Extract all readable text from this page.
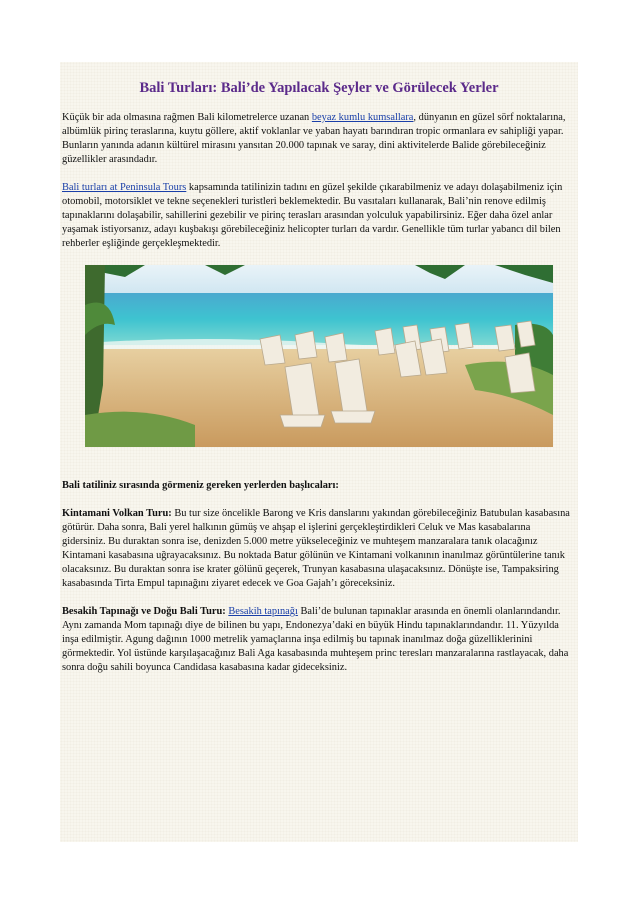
Bali Turları: Bali’de Yapılacak Şeyler ve Görülecek Yerler

Küçük bir ada olmasına rağmen Bali kilometrelerce uzanan beyaz kumlu kumsallara, dünyanın en güzel sörf noktalarına, albümlük pirinç teraslarına, kuytu göllere, aktif voklanlar ve yaban hayatı barındıran tropic ormanlara ev sahipliği yapar. Bunların yanında adanın kültürel mirasını yansıtan 20.000 tapınak ve saray, dini aktivitelerde Balide görebileceğiniz güzellikler arasındadır.

Bali turları at Peninsula Tours kapsamında tatilinizin tadını en güzel şekilde çıkarabilmeniz ve adayı dolaşabilmeniz için otomobil, motorsiklet ve tekne seçenekleri turistleri beklemektedir. Bu vasıtaları kullanarak, Bali’nin renove edilmiş tapınaklarını dolaşabilir, sahillerini gezebilir ve pirinç terasları arasından yolculuk yapabilirsiniz. Eğer daha özel anlar yaşamak istiyorsanız, adayı kuşbakışı görebileceğiniz helicopter turları da vardır. Genellikle tüm turlar yabancı dil bilen rehberler eşliğinde gerçekleşmektedir.

Bali tatiliniz sırasında görmeniz gereken yerlerden başlıcaları:

Kintamani Volkan Turu: Bu tur size öncelikle Barong ve Kris danslarını yakından görebileceğiniz Batubulan kasabasına götürür. Daha sonra, Bali yerel halkının gümüş ve ahşap el işlerini gerçekleştirdikleri Celuk ve Mas kasabalarına gidersiniz. Bu duraktan sonra ise, denizden 5.000 metre yükseleceğiniz ve muhteşem manzaralara tanık olacağınız Kintamani kasabasına uğrayacaksınız. Bu noktada Batur gölünün ve Kintamani volkanının inanılmaz görüntülerine tanık olacaksınız. Bu duraktan sonra ise krater gölünü geçerek, Trunyan kasabasına ulaşacaksınız. Dönüşte ise, Tampaksiring kasabasında Tirta Empul tapınağını ziyaret edecek ve Goa Gajah’ı göreceksiniz.

Besakih Tapınağı ve Doğu Bali Turu: Besakih tapınağı Bali’de bulunan tapınaklar arasında en önemli olanlarındandır. Aynı zamanda Mom tapınağı diye de bilinen bu yapı, Endonezya’daki en büyük Hindu tapınaklarındandır. 11. Yüzyılda inşa edilmiştir. Agung dağının 1000 metrelik yamaçlarına inşa edilmiş bu tapınak inanılmaz doğa güzelliklerinini görmektedir. Yol üstünde karşılaşacağınız Bali Aga kasabasında muhteşem princ teresları manzaralarına rastlayacak, daha sonra doğu sahili boyunca Candidasa kasabasına kadar gideceksiniz.
